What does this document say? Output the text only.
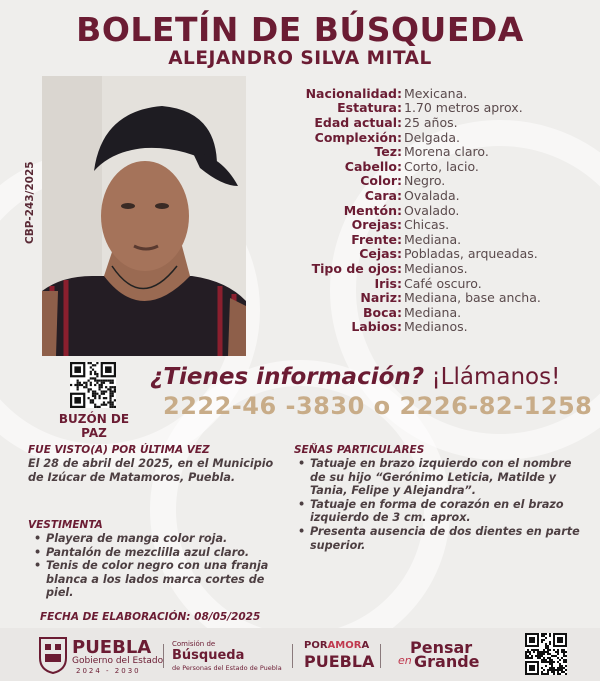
BOLETÍN DE BÚSQUEDA
ALEJANDRO SILVA MITAL
CBP-243/2025
Nacionalidad: Mexicana.
Estatura: 1.70 metros aprox.
Edad actual: 25 años.
Complexión: Delgada.
Tez: Morena claro.
Cabello: Corto, lacio.
Color: Negro.
Cara: Ovalada.
Mentón: Ovalado.
Orejas: Chicas.
Frente: Mediana.
Cejas: Pobladas, arqueadas.
Tipo de ojos: Medianos.
Iris: Café oscuro.
Nariz: Mediana, base ancha.
Boca: Mediana.
Labios: Medianos.
BUZÓN DE PAZ
¿Tienes información? ¡Llámanos!
2222-46 -3830 o 2226-82-1258
FUE VISTO(A) POR ÚLTIMA VEZ
El 28 de abril del 2025, en el Municipio de Izúcar de Matamoros, Puebla.
VESTIMENTA
• Playera de manga color roja.
• Pantalón de mezclilla azul claro.
• Tenis de color negro con una franja blanca a los lados marca cortes de piel.
SEÑAS PARTICULARES
• Tatuaje en brazo izquierdo con el nombre de su hijo “Gerónimo Leticia, Matilde y Tania, Felipe y Alejandra”.
• Tatuaje en forma de corazón en el brazo izquierdo de 3 cm. aprox.
• Presenta ausencia de dos dientes en parte superior.
FECHA DE ELABORACIÓN: 08/05/2025
PUEBLA
Gobierno del Estado
2024 - 2030
Comisión de
Búsqueda
de Personas del Estado de Puebla
PORAMORA
PUEBLA
Pensar
en Grande
